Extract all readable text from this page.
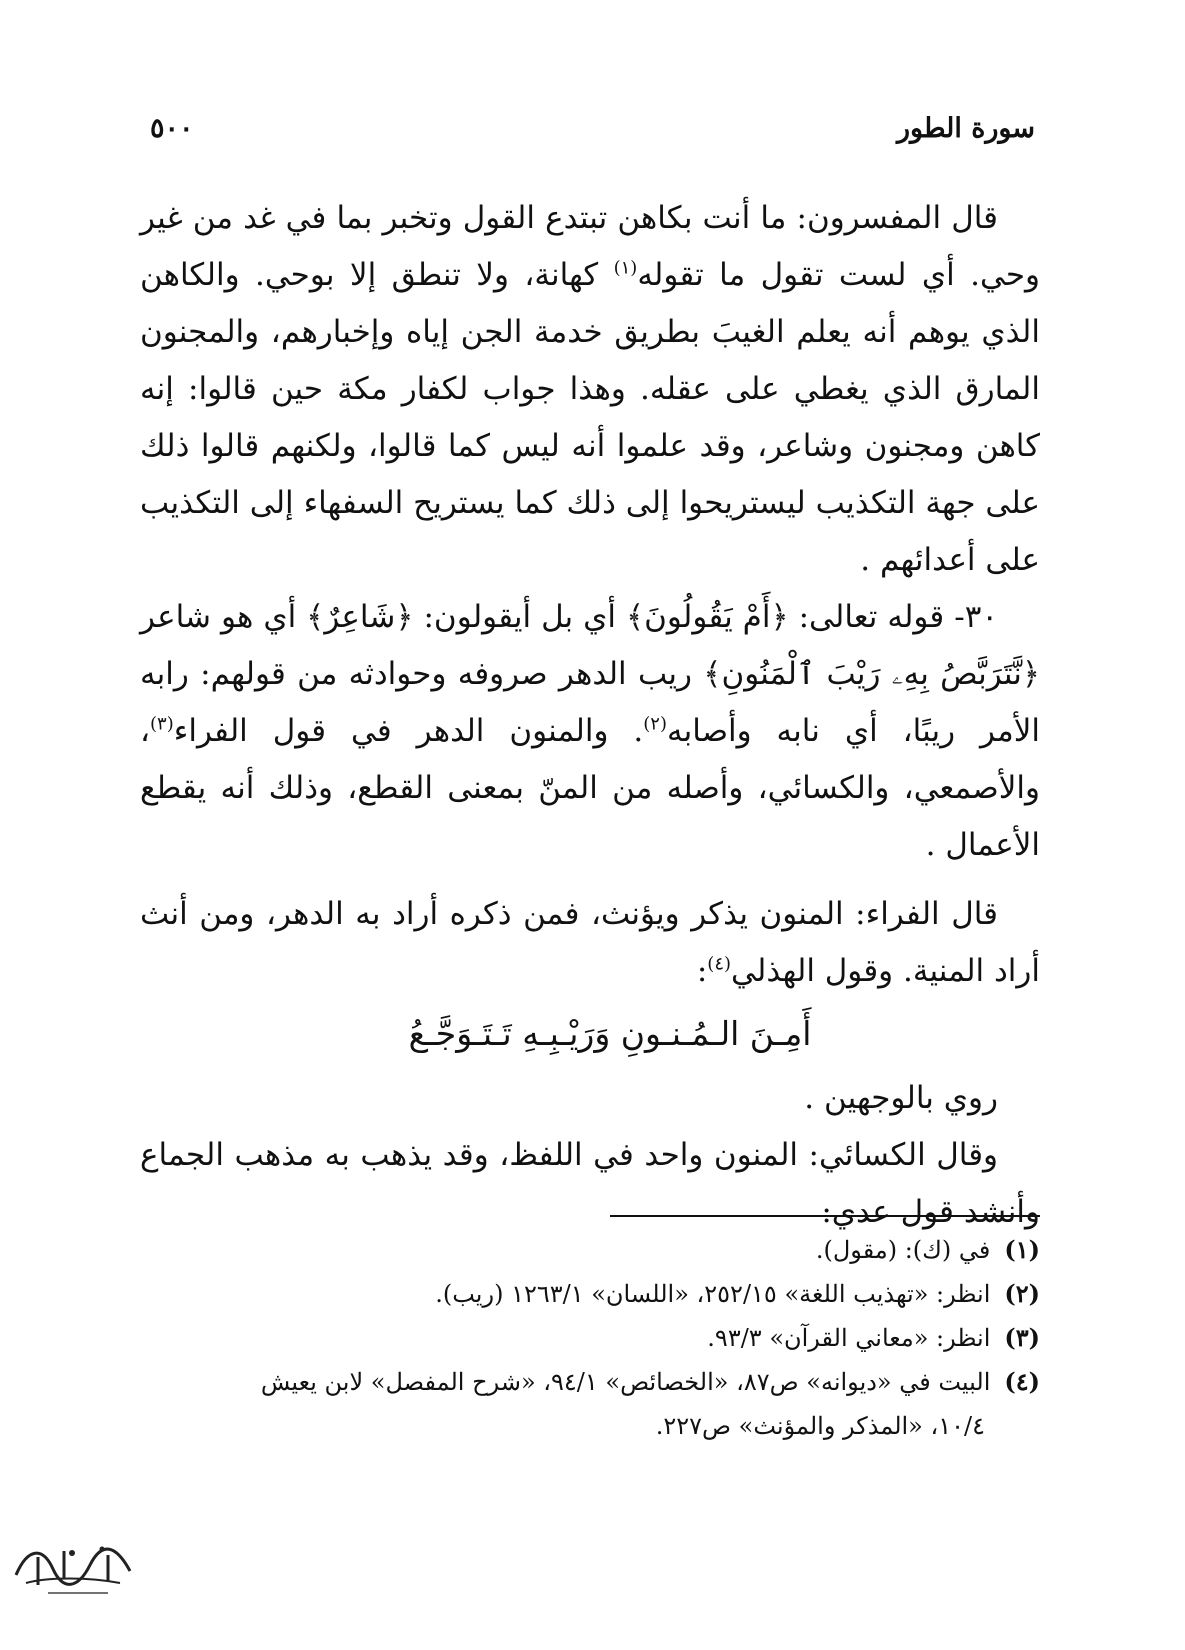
سورة الطور
٥٠٠

قال المفسرون: ما أنت بكاهن تبتدع القول وتخبر بما في غد من غير وحي. أي لست تقول ما تقوله$^{(١)}$ كهانة، ولا تنطق إلا بوحي. والكاهن الذي يوهم أنه يعلم الغيبَ بطريق خدمة الجن إياه وإخبارهم، والمجنون المارق الذي يغطي على عقله. وهذا جواب لكفار مكة حين قالوا: إنه كاهن ومجنون وشاعر، وقد علموا أنه ليس كما قالوا، ولكنهم قالوا ذلك على جهة التكذيب ليستريحوا إلى ذلك كما يستريح السفهاء إلى التكذيب على أعدائهم .

٣٠- قوله تعالى: ﴿أَمْ يَقُولُونَ﴾ أي بل أيقولون: ﴿شَاعِرٌ﴾ أي هو شاعر ﴿نَّتَرَبَّصُ بِهِۦ رَيْبَ ٱلْمَنُونِ﴾ ريب الدهر صروفه وحوادثه من قولهم: رابه الأمر ريبًا، أي نابه وأصابه$^{(٢)}$. والمنون الدهر في قول الفراء$^{(٣)}$، والأصمعي، والكسائي، وأصله من المنّ بمعنى القطع، وذلك أنه يقطع الأعمال .

قال الفراء: المنون يذكر ويؤنث، فمن ذكره أراد به الدهر، ومن أنث أراد المنية. وقول الهذلي$^{(٤)}$:

أَمِـنَ الـمُـنـونِ وَرَيْـبِـهِ تَـتَـوَجَّـعُ

روي بالوجهين .

وقال الكسائي: المنون واحد في اللفظ، وقد يذهب به مذهب الجماع وأنشد قول عدي:

(١)في (ك): (مقول).

(٢)انظر: «تهذيب اللغة» ٢٥٢/١٥، «اللسان» ١٢٦٣/١ (ريب).

(٣)انظر: «معاني القرآن» ٩٣/٣.

(٤)البيت في «ديوانه» ص٨٧، «الخصائص» ٩٤/١، «شرح المفصل» لابن يعيش

١٠/٤، «المذكر والمؤنث» ص٢٢٧.
